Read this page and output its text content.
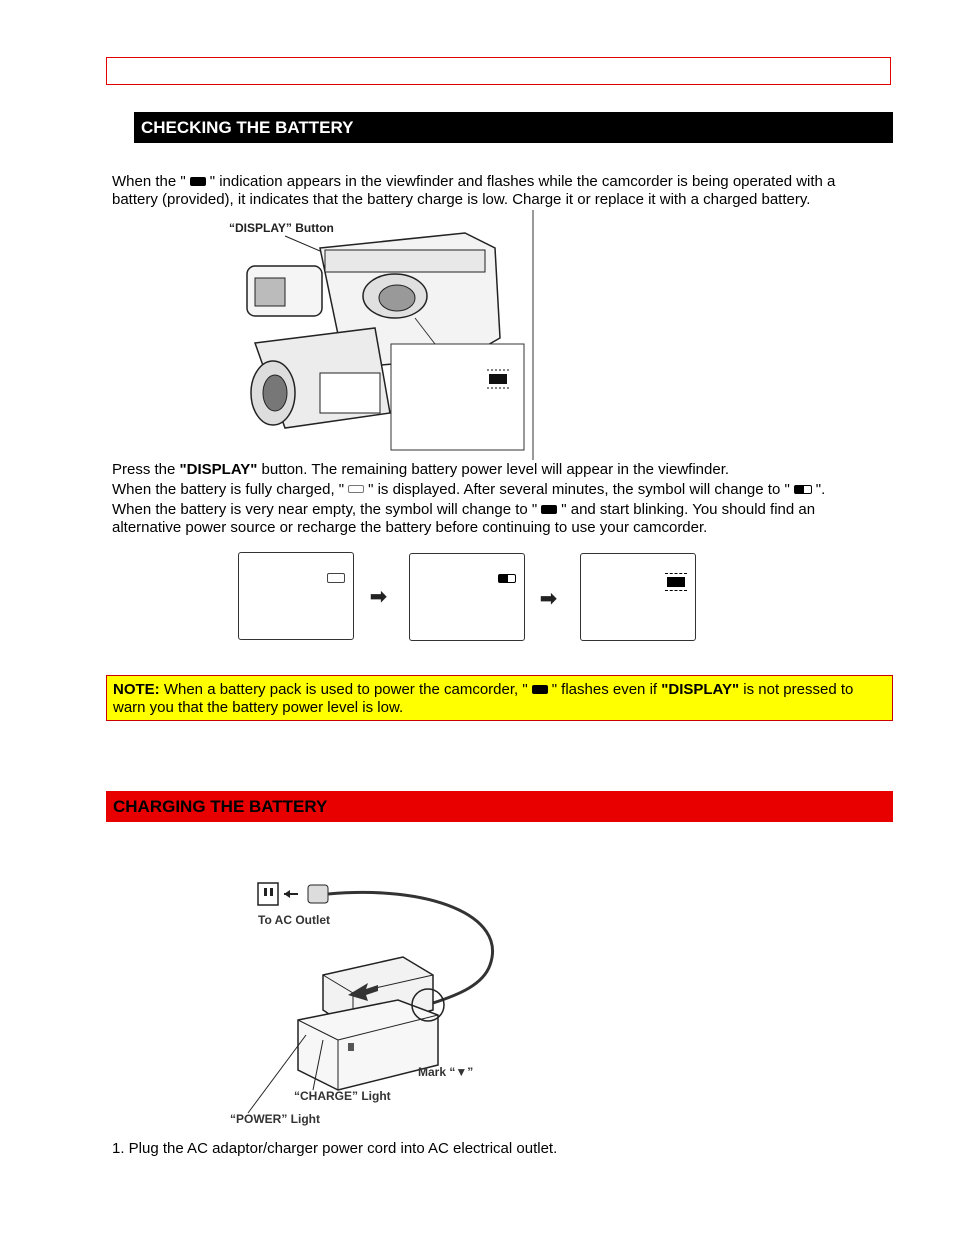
CHECKING THE BATTERY
When the " " indication appears in the viewfinder and flashes while the camcorder is being operated with a battery (provided), it indicates that the battery charge is low. Charge it or replace it with a charged battery.
“DISPLAY” Button
Press the "DISPLAY" button. The remaining battery power level will appear in the viewfinder.
When the battery is fully charged, " " is displayed. After several minutes, the symbol will change to " ".
When the battery is very near empty, the symbol will change to " " and start blinking. You should find an alternative power source or recharge the battery before continuing to use your camcorder.
➡	➡
NOTE: When a battery pack is used to power the camcorder, " " flashes even if "DISPLAY" is not pressed to warn you that the battery power level is low.
CHARGING THE BATTERY
To AC Outlet
Mark “▼”
“CHARGE” Light
“POWER” Light
1. Plug the AC adaptor/charger power cord into AC electrical outlet.
